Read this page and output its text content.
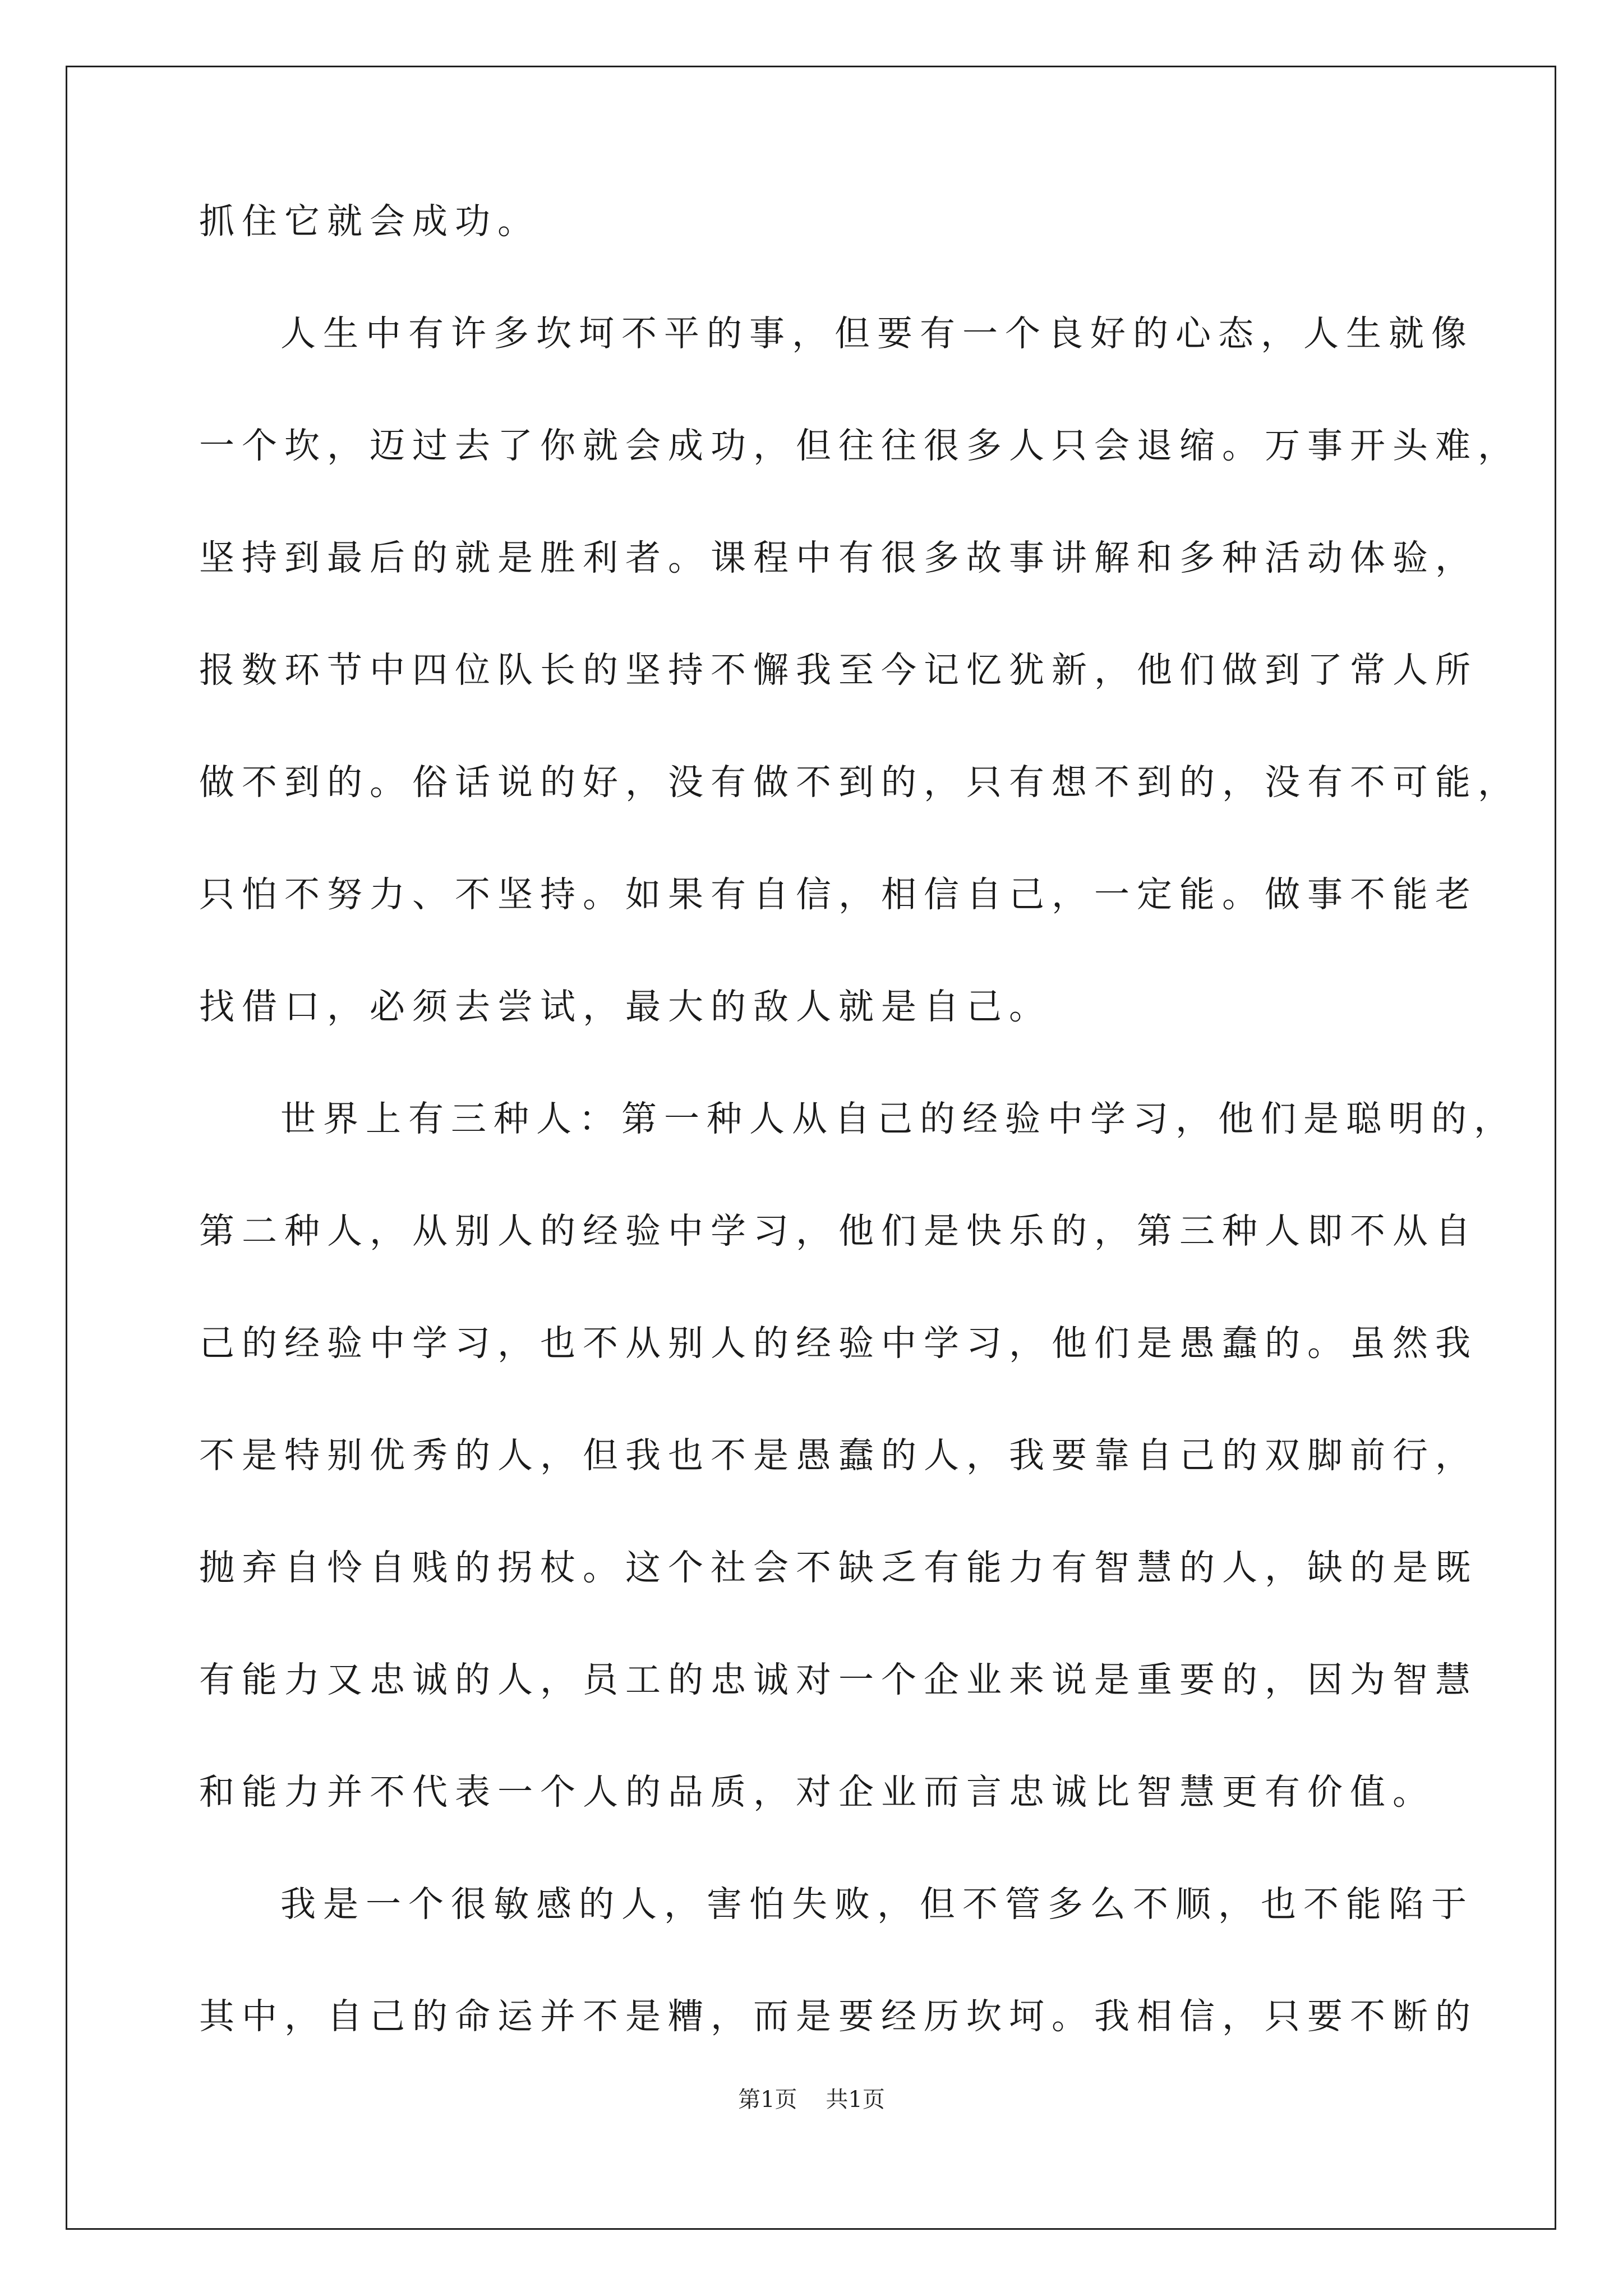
抓住它就会成功。
人生中有许多坎坷不平的事，但要有一个良好的心态，人生就像
一个坎，迈过去了你就会成功，但往往很多人只会退缩。万事开头难，
坚持到最后的就是胜利者。课程中有很多故事讲解和多种活动体验，
报数环节中四位队长的坚持不懈我至今记忆犹新，他们做到了常人所
做不到的。俗话说的好，没有做不到的，只有想不到的，没有不可能，
只怕不努力、不坚持。如果有自信，相信自己，一定能。做事不能老
找借口，必须去尝试，最大的敌人就是自己。
世界上有三种人：第一种人从自己的经验中学习，他们是聪明的，
第二种人，从别人的经验中学习，他们是快乐的，第三种人即不从自
己的经验中学习，也不从别人的经验中学习，他们是愚蠢的。虽然我
不是特别优秀的人，但我也不是愚蠢的人，我要靠自己的双脚前行，
抛弃自怜自贱的拐杖。这个社会不缺乏有能力有智慧的人，缺的是既
有能力又忠诚的人，员工的忠诚对一个企业来说是重要的，因为智慧
和能力并不代表一个人的品质，对企业而言忠诚比智慧更有价值。
我是一个很敏感的人，害怕失败，但不管多么不顺，也不能陷于
其中，自己的命运并不是糟，而是要经历坎坷。我相信，只要不断的
第1页 共1页
